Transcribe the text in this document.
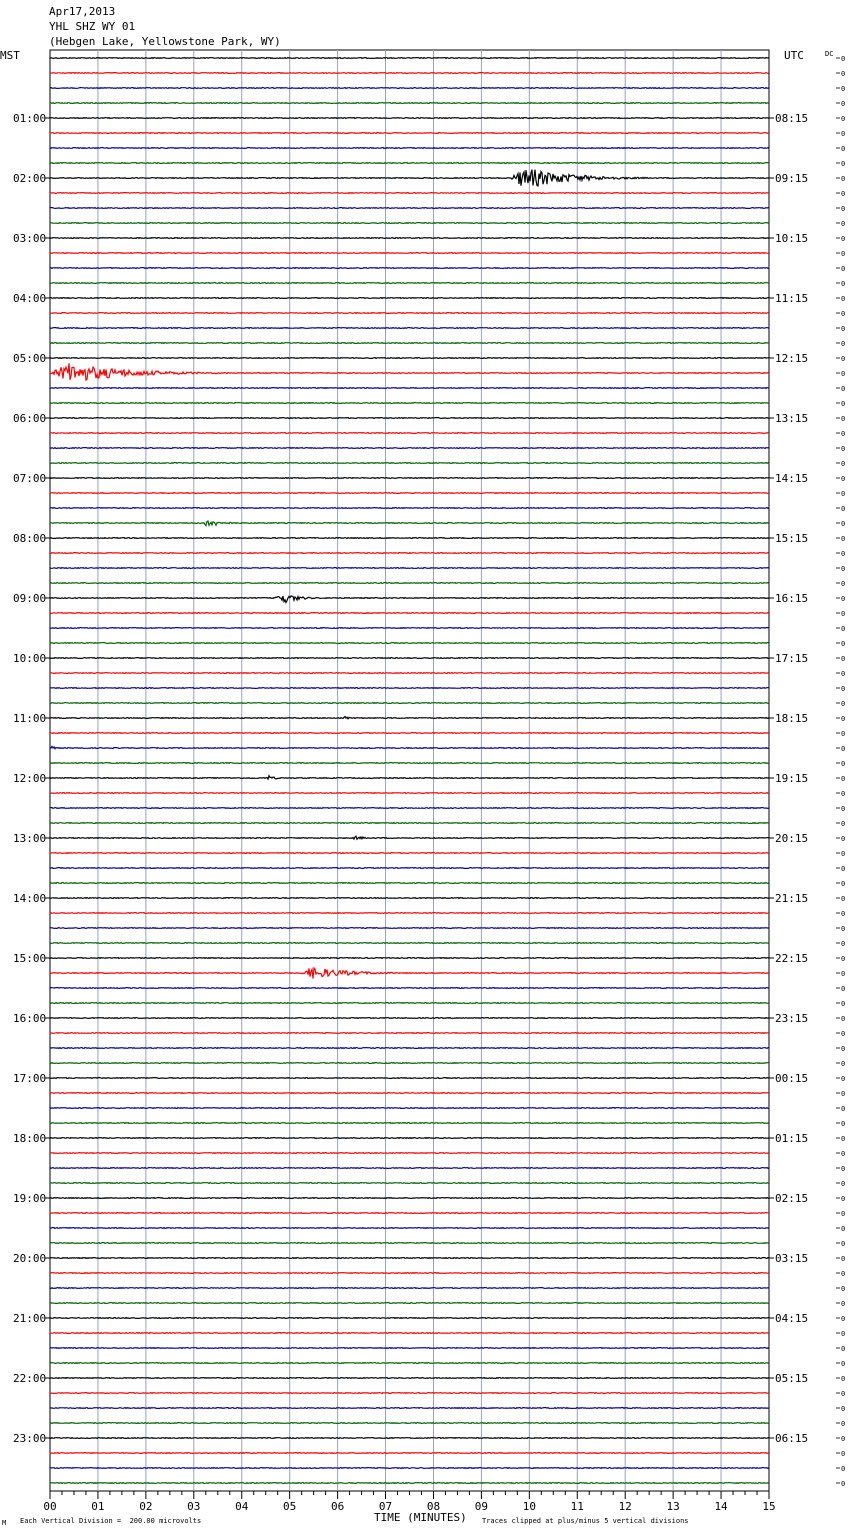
Apr17,2013
YHL SHZ WY 01
(Hebgen Lake, Yellowstone Park, WY)
MST	UTC	DC
01:00
02:00
03:00
04:00
05:00
06:00
07:00
08:00
09:00
10:00
11:00
12:00
13:00
14:00
15:00
16:00
17:00
18:00
19:00
20:00
21:00
22:00
23:00
08:15
09:15
10:15
11:15
12:15
13:15
14:15
15:15
16:15
17:15
18:15
19:15
20:15
21:15
22:15
23:15
00:15
01:15
02:15
03:15
04:15
05:15
06:15
0
0
0
0
0
0
0
0
0
0
0
0
0
0
0
0
0
0
0
0
0
0
0
0
0
0
0
0
0
0
0
0
0
0
0
0
0
0
0
0
0
0
0
0
0
0
0
0
0
0
0
0
0
0
0
0
0
0
0
0
0
0
0
0
0
0
0
0
0
0
0
0
0
0
0
0
0
0
0
0
0
0
0
0
0
0
0
0
0
0
0
0
0
0
0
0
00	01	02	03	04	05	06	07	08	09	10	11	12	13	14	15
TIME (MINUTES)
Each Vertical Division =  200.00 microvolts	Traces clipped at plus/minus 5 vertical divisions
M
